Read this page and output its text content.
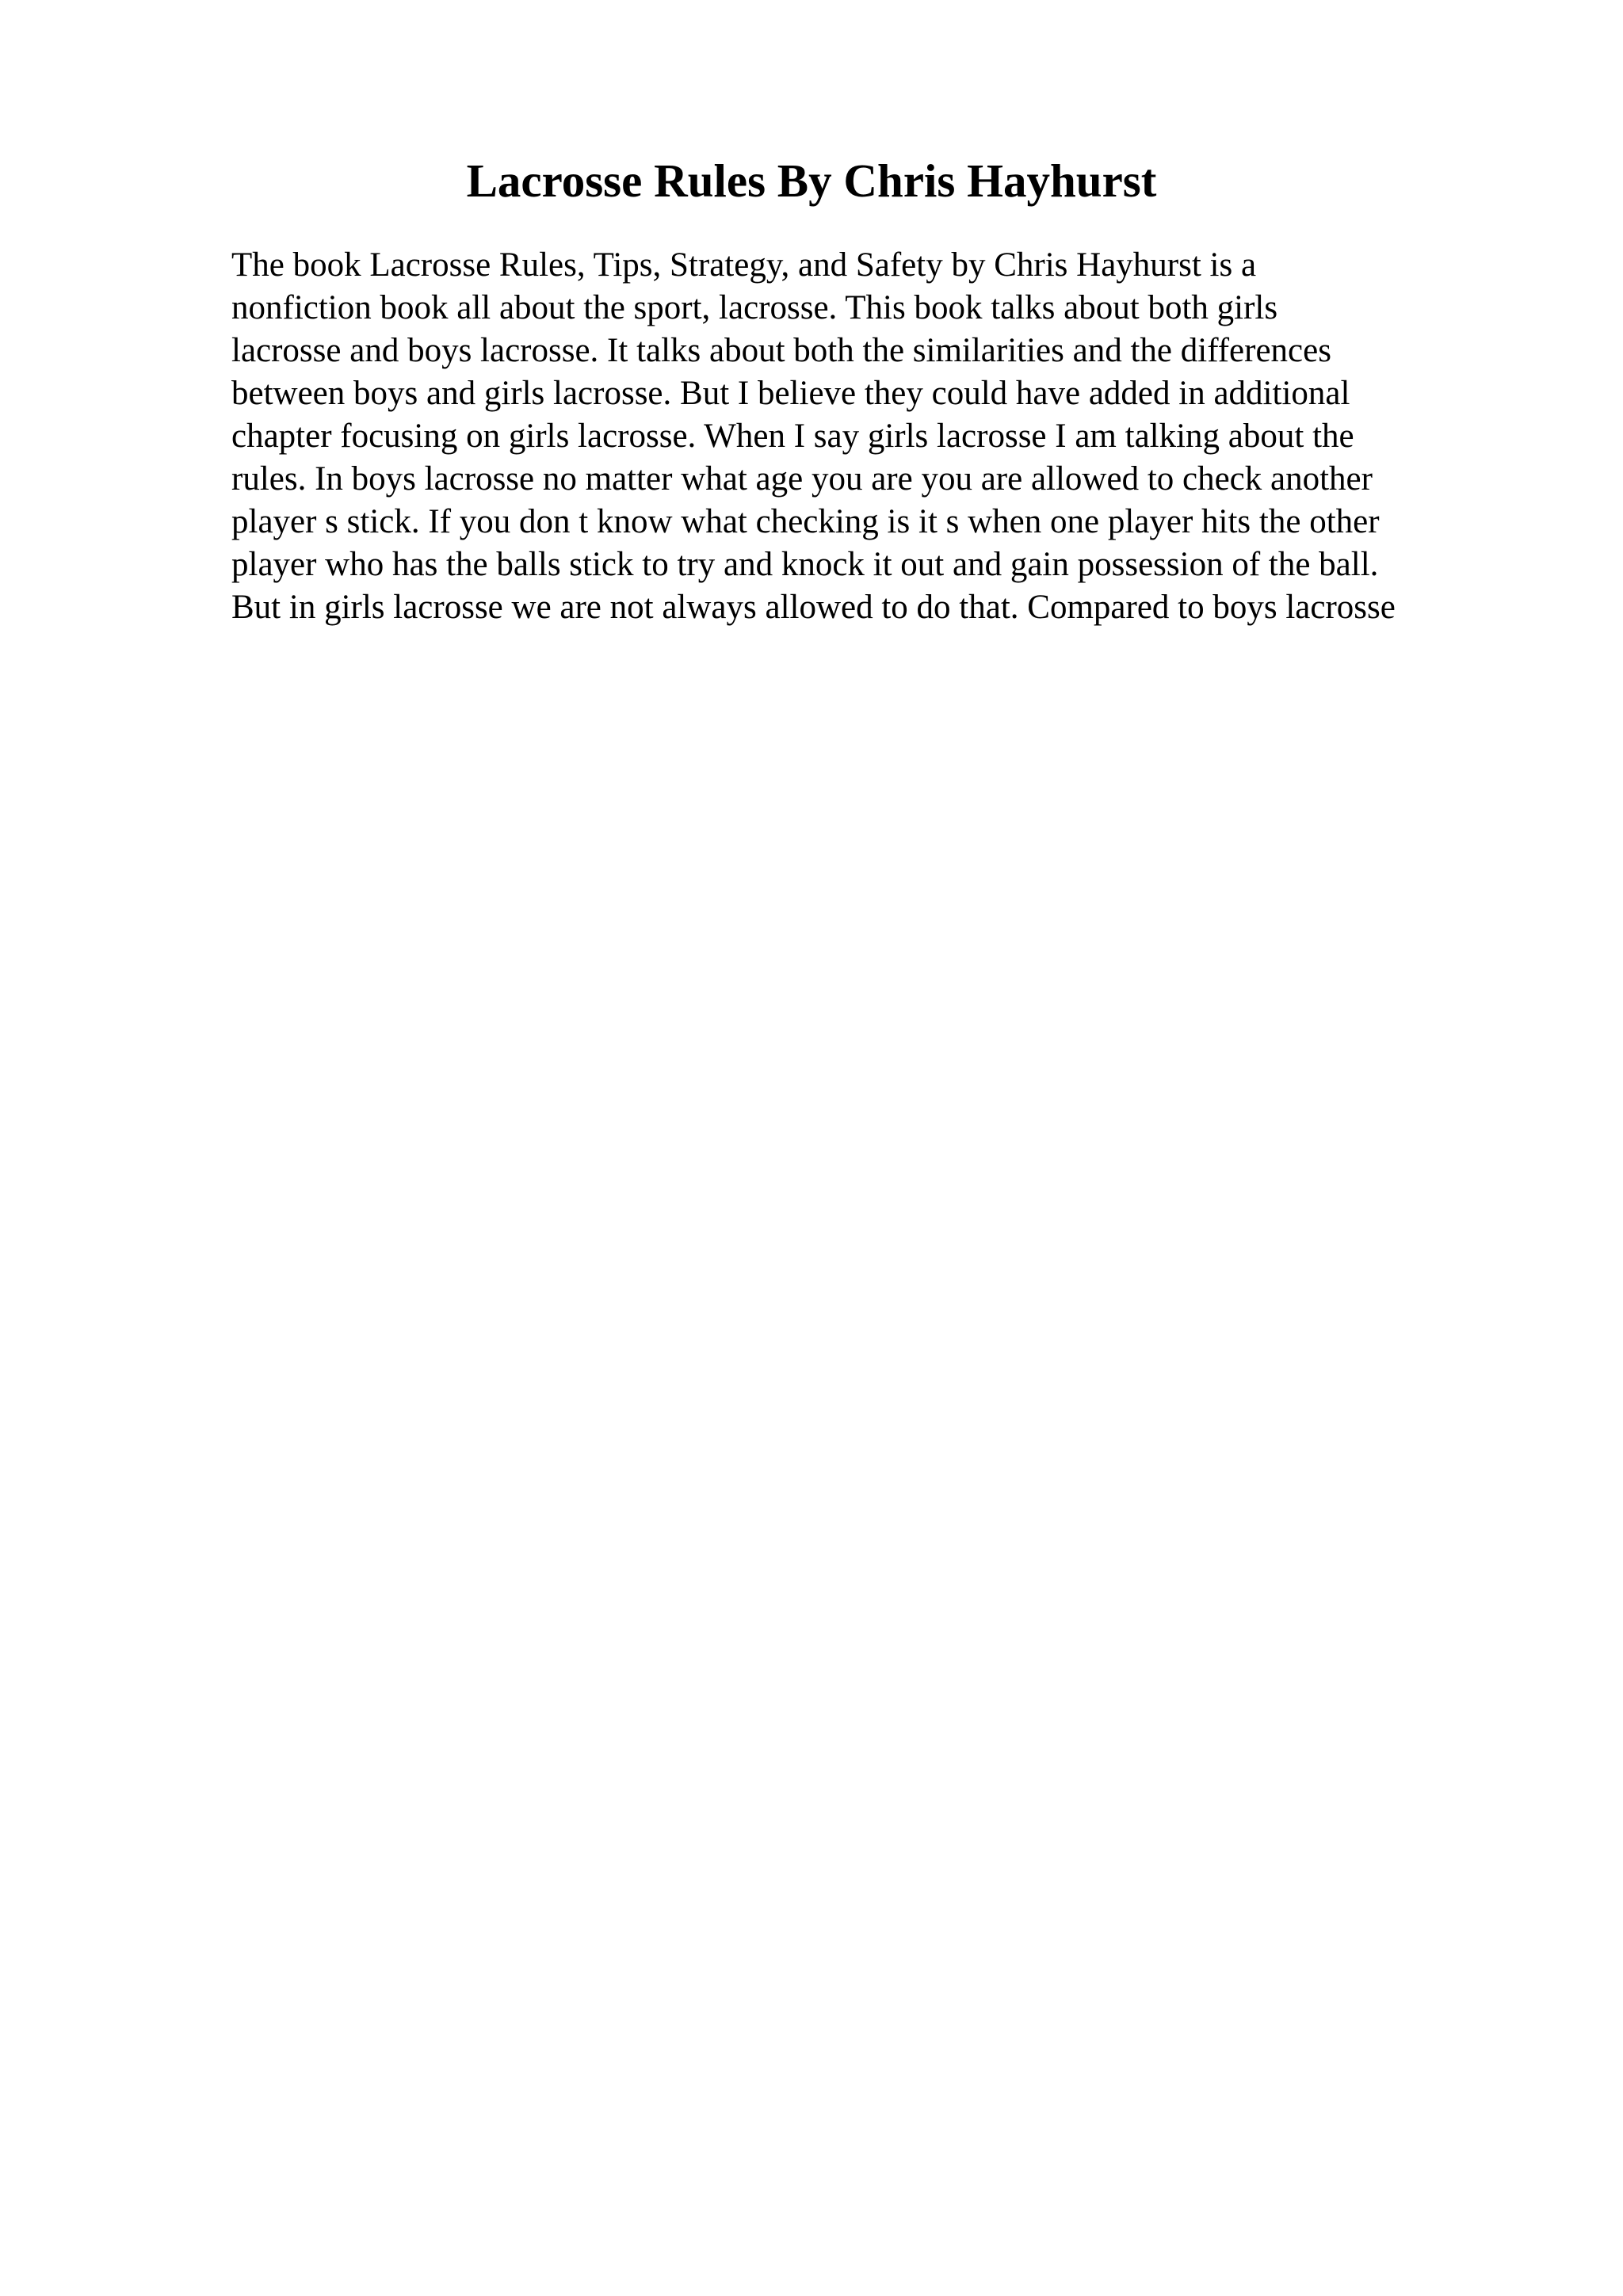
Lacrosse Rules By Chris Hayhurst
The book Lacrosse Rules, Tips, Strategy, and Safety by Chris Hayhurst is a
nonfiction book all about the sport, lacrosse. This book talks about both girls
lacrosse and boys lacrosse. It talks about both the similarities and the differences
between boys and girls lacrosse. But I believe they could have added in additional
chapter focusing on girls lacrosse. When I say girls lacrosse I am talking about the
rules. In boys lacrosse no matter what age you are you are allowed to check another
player s stick. If you don t know what checking is it s when one player hits the other
player who has the balls stick to try and knock it out and gain possession of the ball.
But in girls lacrosse we are not always allowed to do that. Compared to boys lacrosse
